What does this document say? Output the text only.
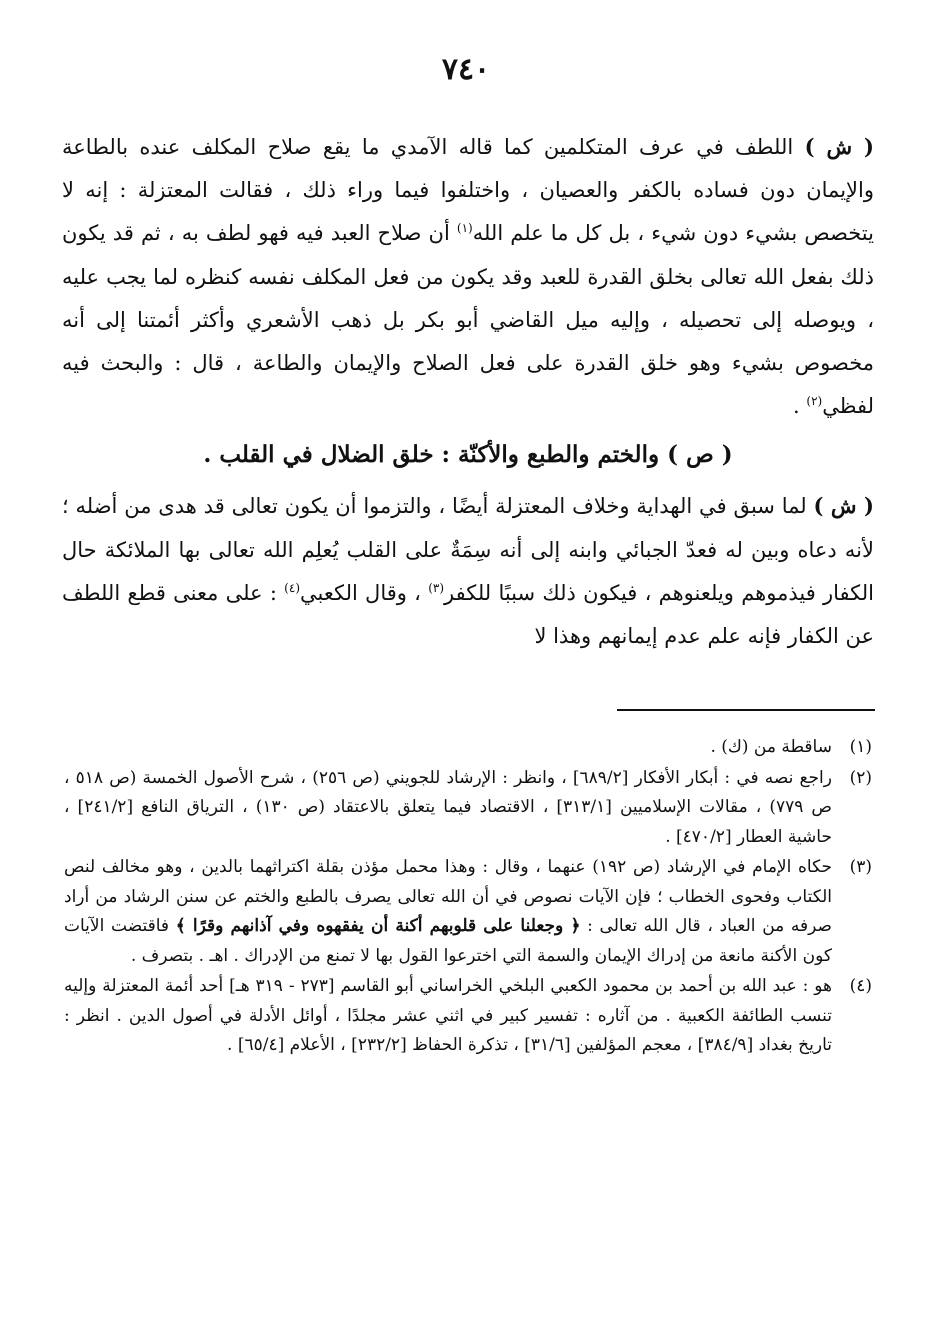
٧٤٠

( ش ) اللطف في عرف المتكلمين كما قاله الآمدي ما يقع صلاح المكلف عنده بالطاعة والإيمان دون فساده بالكفر والعصيان ، واختلفوا فيما وراء ذلك ، فقالت المعتزلة : إنه لا يتخصص بشيء دون شيء ، بل كل ما علم الله$^{(١)}$ أن صلاح العبد فيه فهو لطف به ، ثم قد يكون ذلك بفعل الله تعالى بخلق القدرة للعبد وقد يكون من فعل المكلف نفسه كنظره لما يجب عليه ، ويوصله إلى تحصيله ، وإليه ميل القاضي أبو بكر بل ذهب الأشعري وأكثر أئمتنا إلى أنه مخصوص بشيء وهو خلق القدرة على فعل الصلاح والإيمان والطاعة ، قال : والبحث فيه لفظي$^{(٢)}$ .

( ص ) والختم والطبع والأكنّة : خلق الضلال في القلب .

( ش ) لما سبق في الهداية وخلاف المعتزلة أيضًا ، والتزموا أن يكون تعالى قد هدى من أضله ؛ لأنه دعاه وبين له فعدّ الجبائي وابنه إلى أنه سِمَةٌ على القلب يُعلِم الله تعالى بها الملائكة حال الكفار فيذموهم ويلعنوهم ، فيكون ذلك سببًا للكفر$^{(٣)}$ ، وقال الكعبي$^{(٤)}$ : على معنى قطع اللطف عن الكفار فإنه علم عدم إيمانهم وهذا لا

(١)
ساقطة من (ك) .
(٢)
راجع نصه في : أبكار الأفكار [٦٨٩/٢] ، وانظر : الإرشاد للجويني (ص ٢٥٦) ، شرح الأصول الخمسة (ص ٥١٨ ، ص ٧٧٩) ، مقالات الإسلاميين [٣١٣/١] ، الاقتصاد فيما يتعلق بالاعتقاد (ص ١٣٠) ، الترياق النافع [٢٤١/٢] ، حاشية العطار [٤٧٠/٢] .
(٣)
حكاه الإمام في الإرشاد (ص ١٩٢) عنهما ، وقال : وهذا محمل مؤذن بقلة اكتراثهما بالدين ، وهو مخالف لنص الكتاب وفحوى الخطاب ؛ فإن الآيات نصوص في أن الله تعالى يصرف بالطبع والختم عن سنن الرشاد من أراد صرفه من العباد ، قال الله تعالى : ﴿ وجعلنا على قلوبهم أكنة أن يفقهوه وفي آذانهم وقرًا ﴾ فاقتضت الآيات كون الأكنة مانعة من إدراك الإيمان والسمة التي اخترعوا القول بها لا تمنع من الإدراك . اهـ . بتصرف .
(٤)
هو : عبد الله بن أحمد بن محمود الكعبي البلخي الخراساني أبو القاسم [٢٧٣ - ٣١٩ هـ] أحد أئمة المعتزلة وإليه تنسب الطائفة الكعبية . من آثاره : تفسير كبير في اثني عشر مجلدًا ، أوائل الأدلة في أصول الدين . انظر : تاريخ بغداد [٣٨٤/٩] ، معجم المؤلفين [٣١/٦] ، تذكرة الحفاظ [٢٣٢/٢] ، الأعلام [٦٥/٤] .
